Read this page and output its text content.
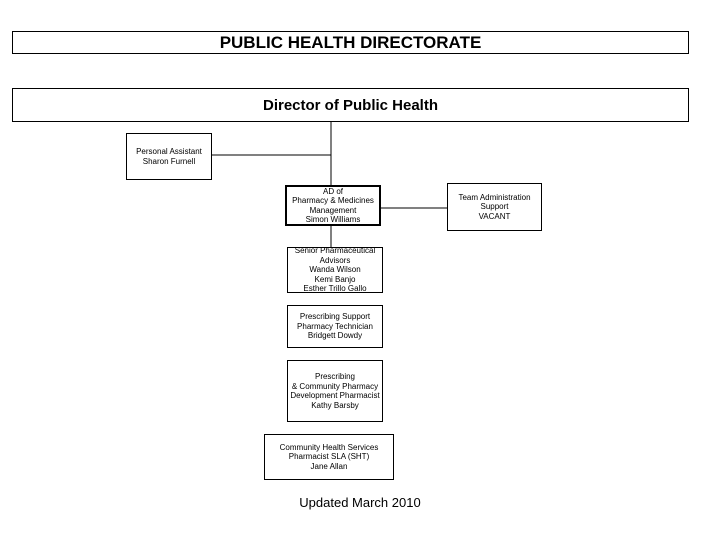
PUBLIC HEALTH DIRECTORATE
Director of Public Health
Personal Assistant
Sharon Furnell
AD of
Pharmacy & Medicines
Management
Simon Williams
Team Administration
Support
VACANT
Senior Pharmaceutical
Advisors
Wanda Wilson
Kemi Banjo
Esther Trillo Gallo
Prescribing Support
Pharmacy Technician
Bridgett Dowdy
Prescribing
& Community Pharmacy
Development Pharmacist
Kathy Barsby
Community Health Services
Pharmacist SLA (SHT)
Jane Allan
Updated March 2010
